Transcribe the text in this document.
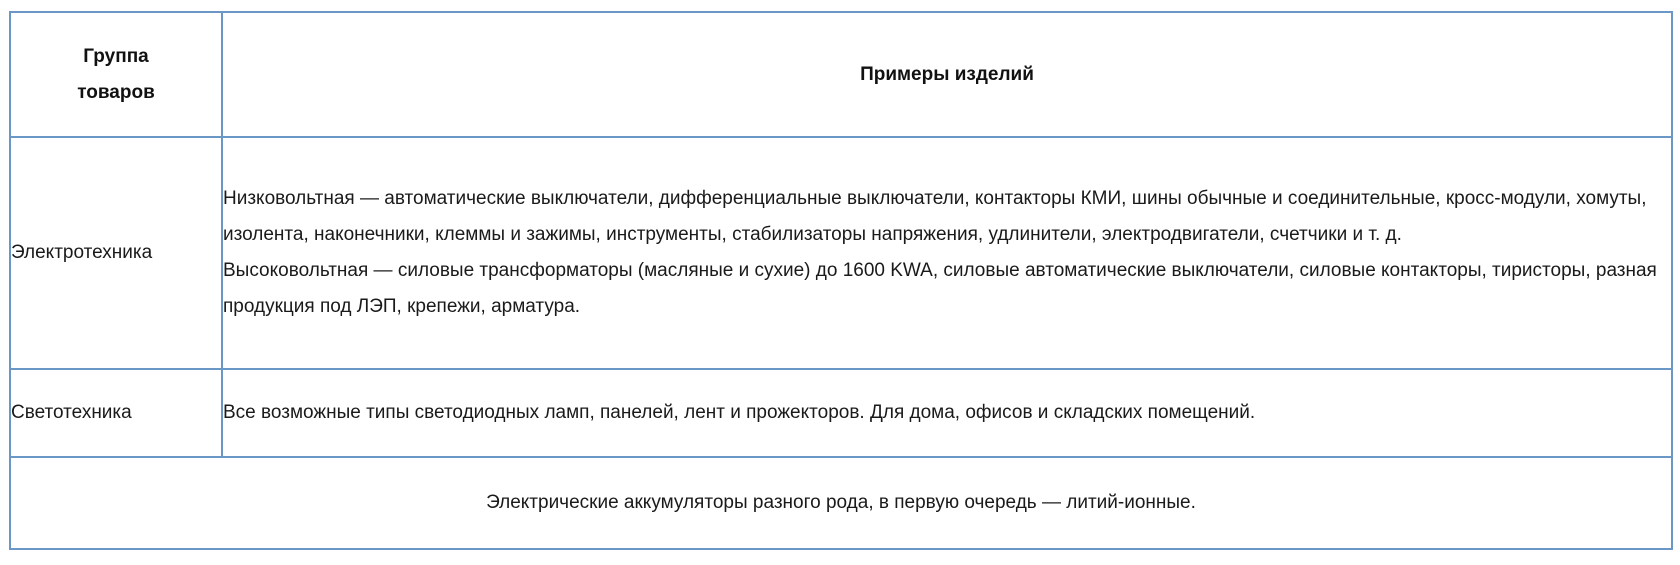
Группа
товаров	Примеры изделий
Электротехника	Низковольтная — автоматические выключатели, дифференциальные выключатели, контакторы КМИ, шины обычные и соединительные, кросс-модули, хомуты, изолента, наконечники, клеммы и зажимы, инструменты, стабилизаторы напряжения, удлинители, электродвигатели, счетчики и т. д.

Высоковольтная — силовые трансформаторы (масляные и сухие) до 1600 KWA, силовые автоматические выключатели, силовые контакторы, тиристоры, разная продукция под ЛЭП, крепежи, арматура.

Светотехника	Все возможные типы светодиодных ламп, панелей, лент и прожекторов. Для дома, офисов и складских помещений.
Электрические аккумуляторы разного рода, в первую очередь — литий-ионные.	
